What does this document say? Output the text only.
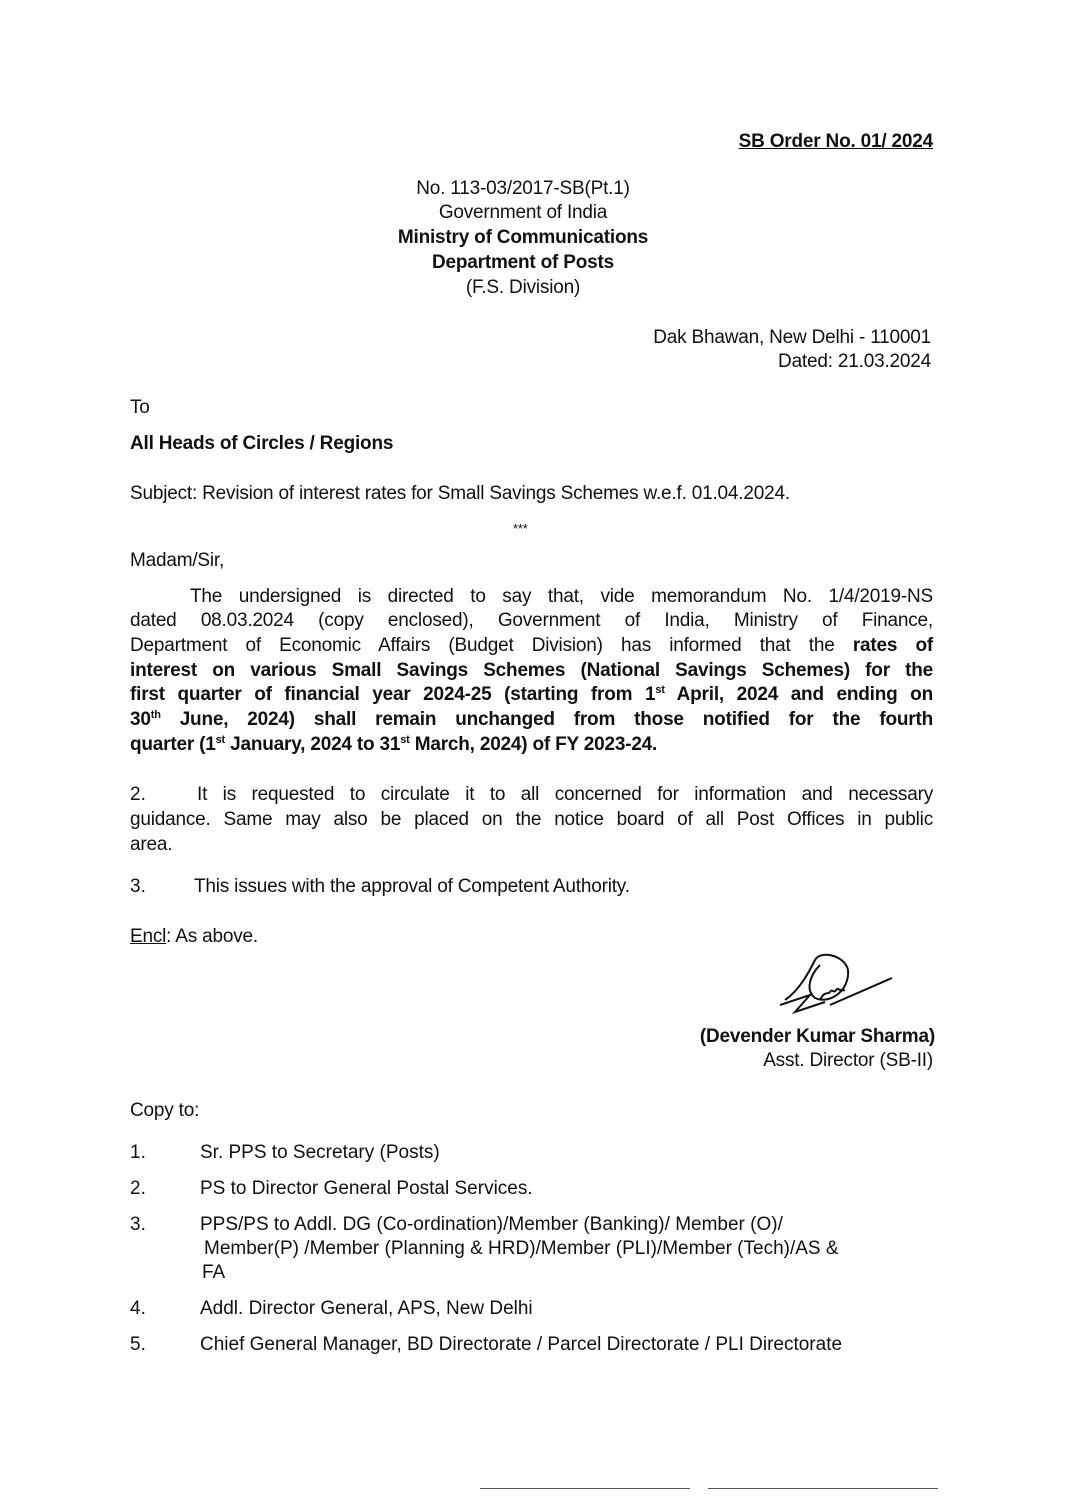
SB Order No. 01/ 2024
No. 113-03/2017-SB(Pt.1)
Government of India
Ministry of Communications
Department of Posts
(F.S. Division)
Dak Bhawan, New Delhi - 110001
Dated: 21.03.2024
To
All Heads of Circles / Regions
Subject: Revision of interest rates for Small Savings Schemes w.e.f. 01.04.2024.
***
Madam/Sir,
The undersigned is directed to say that, vide memorandum No. 1/4/2019-NS
dated 08.03.2024 (copy enclosed), Government of India, Ministry of Finance,
Department of Economic Affairs (Budget Division) has informed that the rates of
interest on various Small Savings Schemes (National Savings Schemes) for the
first quarter of financial year 2024-25 (starting from 1st April, 2024 and ending on
30th June, 2024) shall remain unchanged from those notified for the fourth
quarter (1st January, 2024 to 31st March, 2024) of FY 2023-24.
2.	It is requested to circulate it to all concerned for information and necessary
guidance. Same may also be placed on the notice board of all Post Offices in public
area.
3.	This issues with the approval of Competent Authority.
Encl: As above.
(Devender Kumar Sharma)
Asst. Director (SB-II)
Copy to:
1.	Sr. PPS to Secretary (Posts)
2.	PS to Director General Postal Services.
3.	PPS/PS to Addl. DG (Co-ordination)/Member (Banking)/ Member (O)/
Member(P) /Member (Planning & HRD)/Member (PLI)/Member (Tech)/AS &
FA
4.	Addl. Director General, APS, New Delhi
5.	Chief General Manager, BD Directorate / Parcel Directorate / PLI Directorate
